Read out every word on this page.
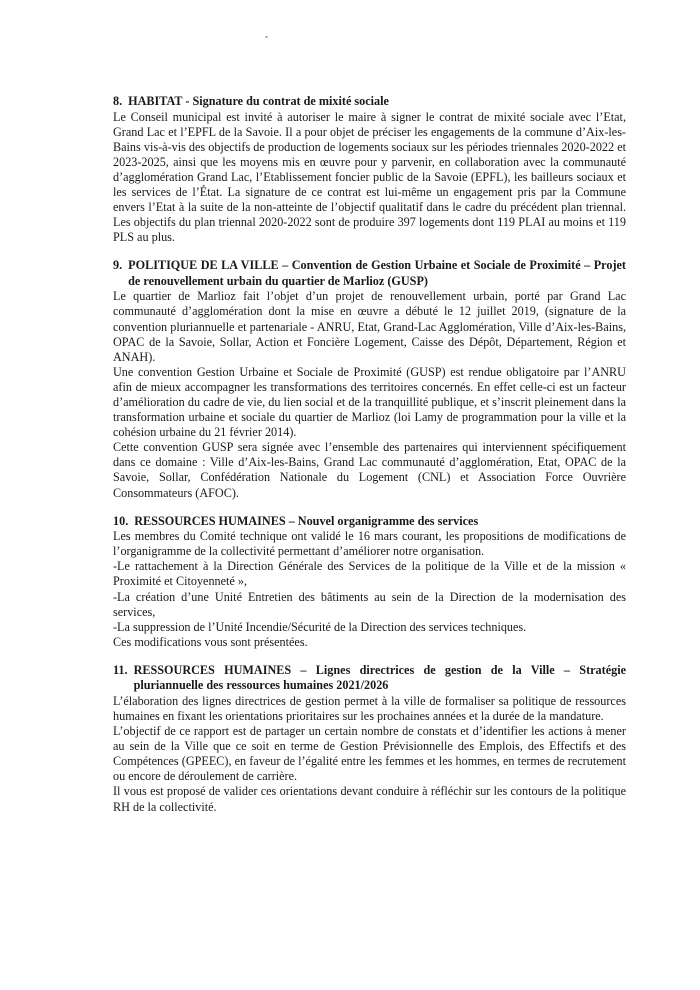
8. HABITAT - Signature du contrat de mixité sociale

Le Conseil municipal est invité à autoriser le maire à signer le contrat de mixité sociale avec l’Etat, Grand Lac et l’EPFL de la Savoie. Il a pour objet de préciser les engagements de la commune d’Aix-les-Bains vis-à-vis des objectifs de production de logements sociaux sur les périodes triennales 2020-2022 et 2023-2025, ainsi que les moyens mis en œuvre pour y parvenir, en collaboration avec la communauté d’agglomération Grand Lac, l’Etablissement foncier public de la Savoie (EPFL), les bailleurs sociaux et les services de l’État. La signature de ce contrat est lui-même un engagement pris par la Commune envers l’Etat à la suite de la non-atteinte de l’objectif qualitatif dans le cadre du précédent plan triennal. Les objectifs du plan triennal 2020-2022 sont de produire 397 logements dont 119 PLAI au moins et 119 PLS au plus.

9. POLITIQUE DE LA VILLE – Convention de Gestion Urbaine et Sociale de Proximité – Projet de renouvellement urbain du quartier de Marlioz (GUSP)

Le quartier de Marlioz fait l’objet d’un projet de renouvellement urbain, porté par Grand Lac communauté d’agglomération dont la mise en œuvre a débuté le 12 juillet 2019, (signature de la convention pluriannuelle et partenariale - ANRU, Etat, Grand-Lac Agglomération, Ville d’Aix-les-Bains, OPAC de la Savoie, Sollar, Action et Foncière Logement, Caisse des Dépôt, Département, Région et ANAH).

Une convention Gestion Urbaine et Sociale de Proximité (GUSP) est rendue obligatoire par l’ANRU afin de mieux accompagner les transformations des territoires concernés. En effet celle-ci est un facteur d’amélioration du cadre de vie, du lien social et de la tranquillité publique, et s’inscrit pleinement dans la transformation urbaine et sociale du quartier de Marlioz (loi Lamy de programmation pour la ville et la cohésion urbaine du 21 février 2014).

Cette convention GUSP sera signée avec l’ensemble des partenaires qui interviennent spécifiquement dans ce domaine : Ville d’Aix-les-Bains, Grand Lac communauté d’agglomération, Etat, OPAC de la Savoie, Sollar, Confédération Nationale du Logement (CNL) et Association Force Ouvrière Consommateurs (AFOC).

10. RESSOURCES HUMAINES – Nouvel organigramme des services

Les membres du Comité technique ont validé le 16 mars courant, les propositions de modifications de l’organigramme de la collectivité permettant d’améliorer notre organisation.

-Le rattachement à la Direction Générale des Services de la politique de la Ville et de la mission « Proximité et Citoyenneté »,

-La création d’une Unité Entretien des bâtiments au sein de la Direction de la modernisation des services,

-La suppression de l’Unité Incendie/Sécurité de la Direction des services techniques.

Ces modifications vous sont présentées.

11. RESSOURCES HUMAINES – Lignes directrices de gestion de la Ville – Stratégie pluriannuelle des ressources humaines 2021/2026

L’élaboration des lignes directrices de gestion permet à la ville de formaliser sa politique de ressources humaines en fixant les orientations prioritaires sur les prochaines années et la durée de la mandature.

L’objectif de ce rapport est de partager un certain nombre de constats et d’identifier les actions à mener au sein de la Ville que ce soit en terme de Gestion Prévisionnelle des Emplois, des Effectifs et des Compétences (GPEEC), en faveur de l’égalité entre les femmes et les hommes, en termes de recrutement ou encore de déroulement de carrière.

Il vous est proposé de valider ces orientations devant conduire à réfléchir sur les contours de la politique RH de la collectivité.
